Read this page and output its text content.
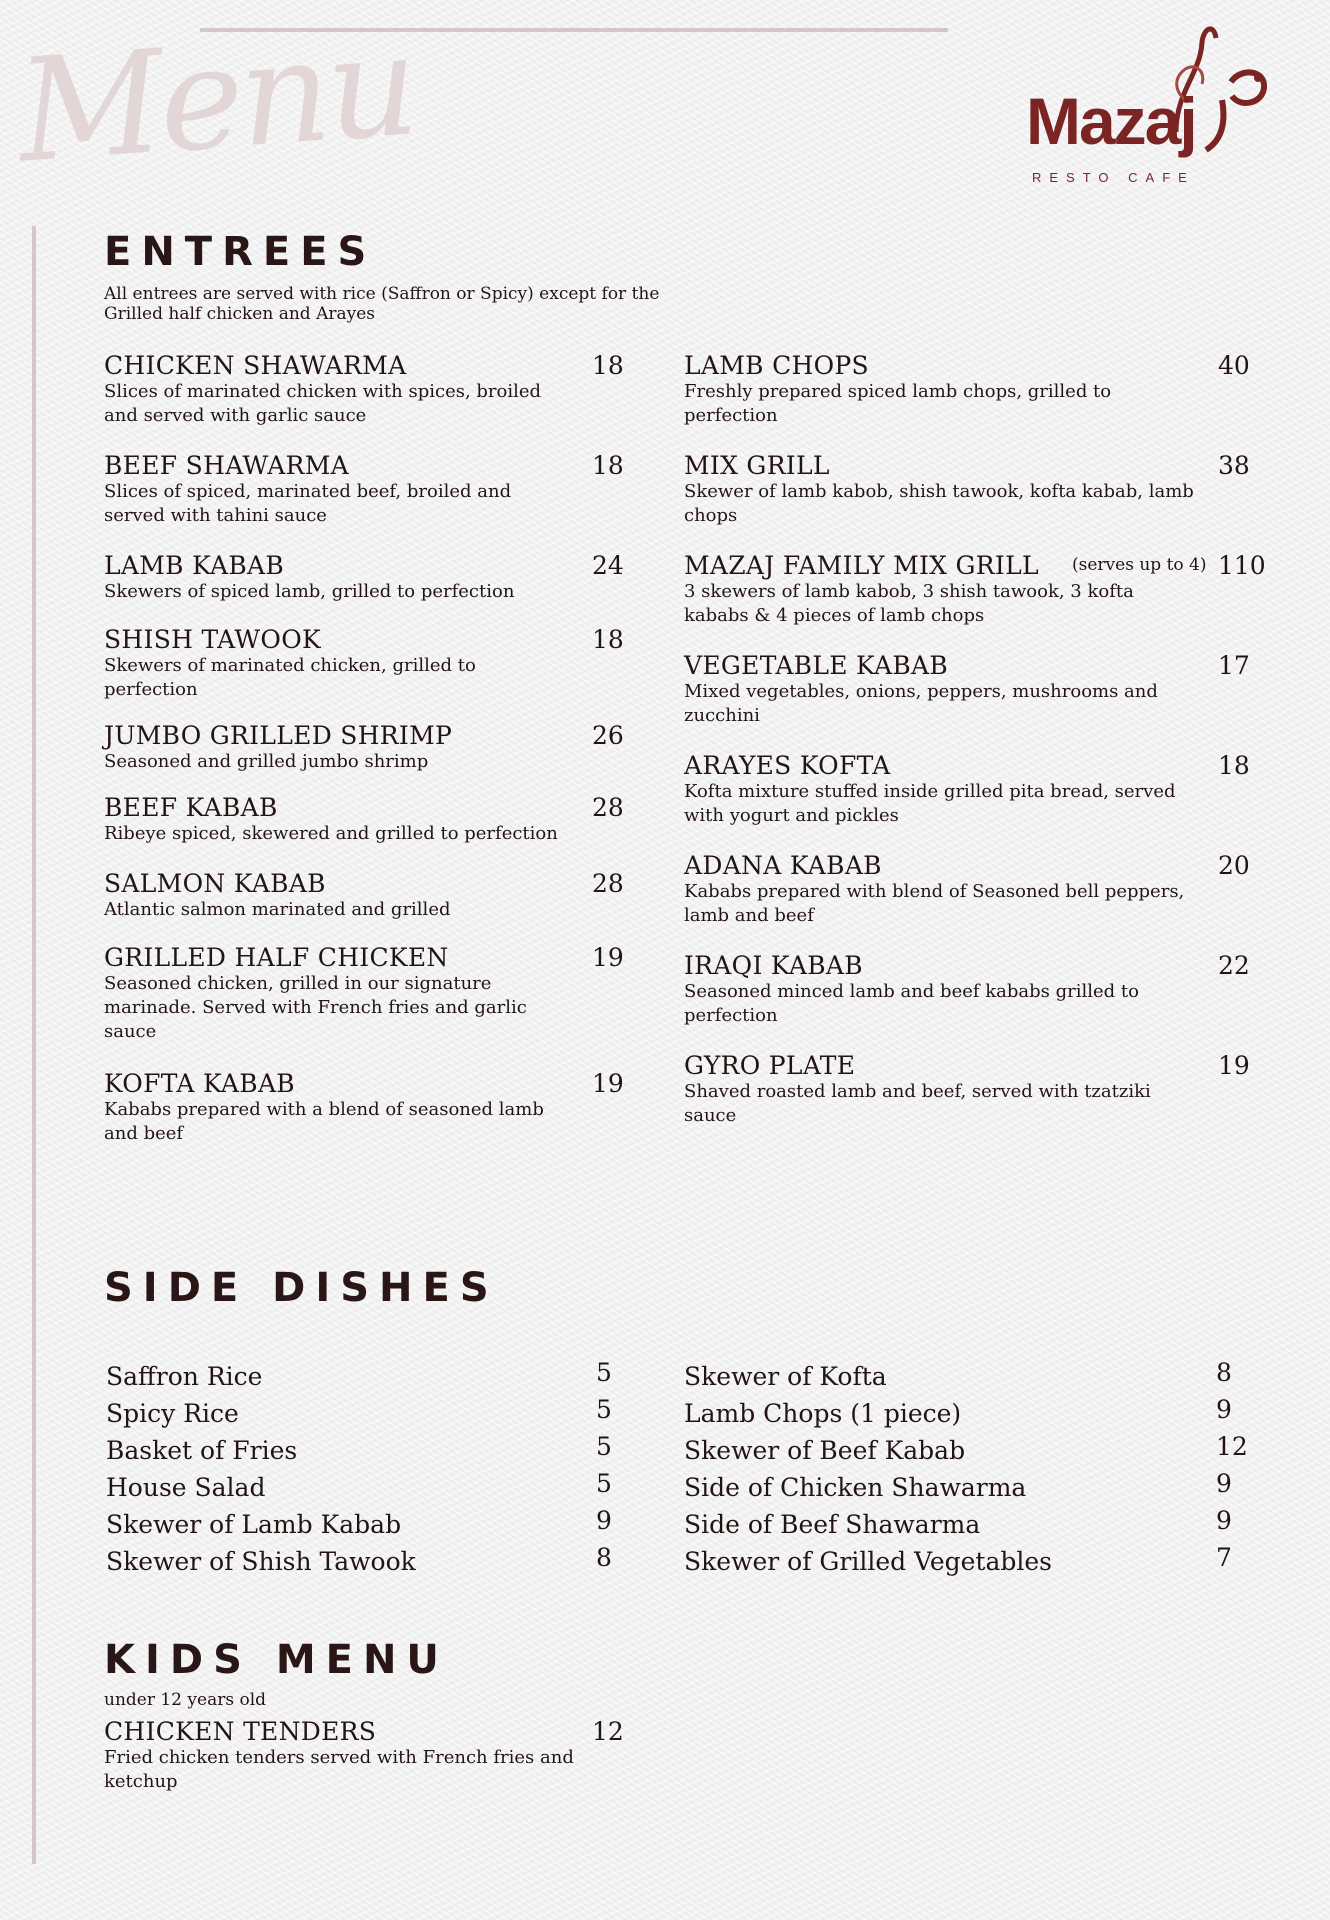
Menu	Mazaj
RESTO CAFE
ENTREES
All entrees are served with rice (Saffron or Spicy) except for the Grilled half chicken and Arayes
CHICKEN SHAWARMA	18
Slices of marinated chicken with spices, broiled and served with garlic sauce
BEEF SHAWARMA	18
Slices of spiced, marinated beef, broiled and served with tahini sauce
LAMB KABAB	24
Skewers of spiced lamb, grilled to perfection
SHISH TAWOOK	18
Skewers of marinated chicken, grilled to perfection
JUMBO GRILLED SHRIMP	26
Seasoned and grilled jumbo shrimp
BEEF KABAB	28
Ribeye spiced, skewered and grilled to perfection
SALMON KABAB	28
Atlantic salmon marinated and grilled
GRILLED HALF CHICKEN	19
Seasoned chicken, grilled in our signature marinade. Served with French fries and garlic sauce
KOFTA KABAB	19
Kababs prepared with a blend of seasoned lamb and beef
LAMB CHOPS	40
Freshly prepared spiced lamb chops, grilled to perfection
MIX GRILL	38
Skewer of lamb kabob, shish tawook, kofta kabab, lamb chops
MAZAJ FAMILY MIX GRILL	(serves up to 4) 110
3 skewers of lamb kabob, 3 shish tawook, 3 kofta kababs & 4 pieces of lamb chops
VEGETABLE KABAB	17
Mixed vegetables, onions, peppers, mushrooms and zucchini
ARAYES KOFTA	18
Kofta mixture stuffed inside grilled pita bread, served with yogurt and pickles
ADANA KABAB	20
Kababs prepared with blend of Seasoned bell peppers, lamb and beef
IRAQI KABAB	22
Seasoned minced lamb and beef kababs grilled to perfection
GYRO PLATE	19
Shaved roasted lamb and beef, served with tzatziki sauce
SIDE DISHES
Saffron Rice	5
Spicy Rice	5
Basket of Fries	5
House Salad	5
Skewer of Lamb Kabab	9
Skewer of Shish Tawook	8
Skewer of Kofta	8
Lamb Chops (1 piece)	9
Skewer of Beef Kabab	12
Side of Chicken Shawarma	9
Side of Beef Shawarma	9
Skewer of Grilled Vegetables	7
KIDS MENU
under 12 years old
CHICKEN TENDERS	12
Fried chicken tenders served with French fries and ketchup
